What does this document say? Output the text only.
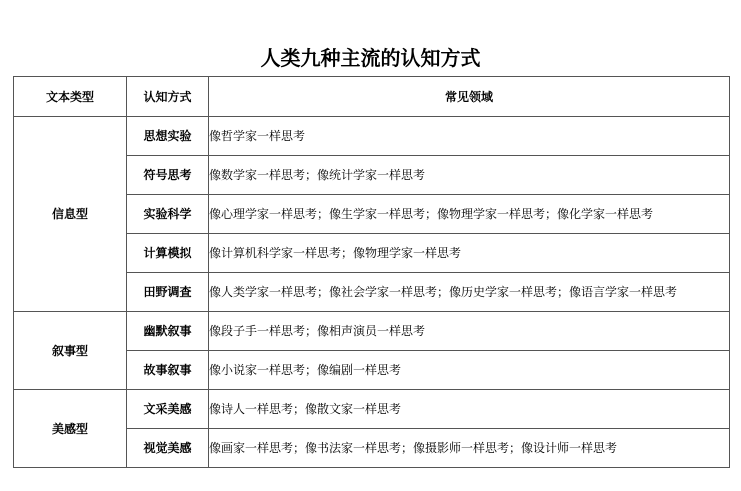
人类九种主流的认知方式
文本类型	认知方式	常见领域
信息型	思想实验	像哲学家一样思考
	符号思考	像数学家一样思考；像统计学家一样思考
	实验科学	像心理学家一样思考；像生学家一样思考；像物理学家一样思考；像化学家一样思考
	计算模拟	像计算机科学家一样思考；像物理学家一样思考
	田野调查	像人类学家一样思考；像社会学家一样思考；像历史学家一样思考；像语言学家一样思考
叙事型	幽默叙事	像段子手一样思考；像相声演员一样思考
	故事叙事	像小说家一样思考；像编剧一样思考
美感型	文采美感	像诗人一样思考；像散文家一样思考
	视觉美感	像画家一样思考；像书法家一样思考；像摄影师一样思考；像设计师一样思考
